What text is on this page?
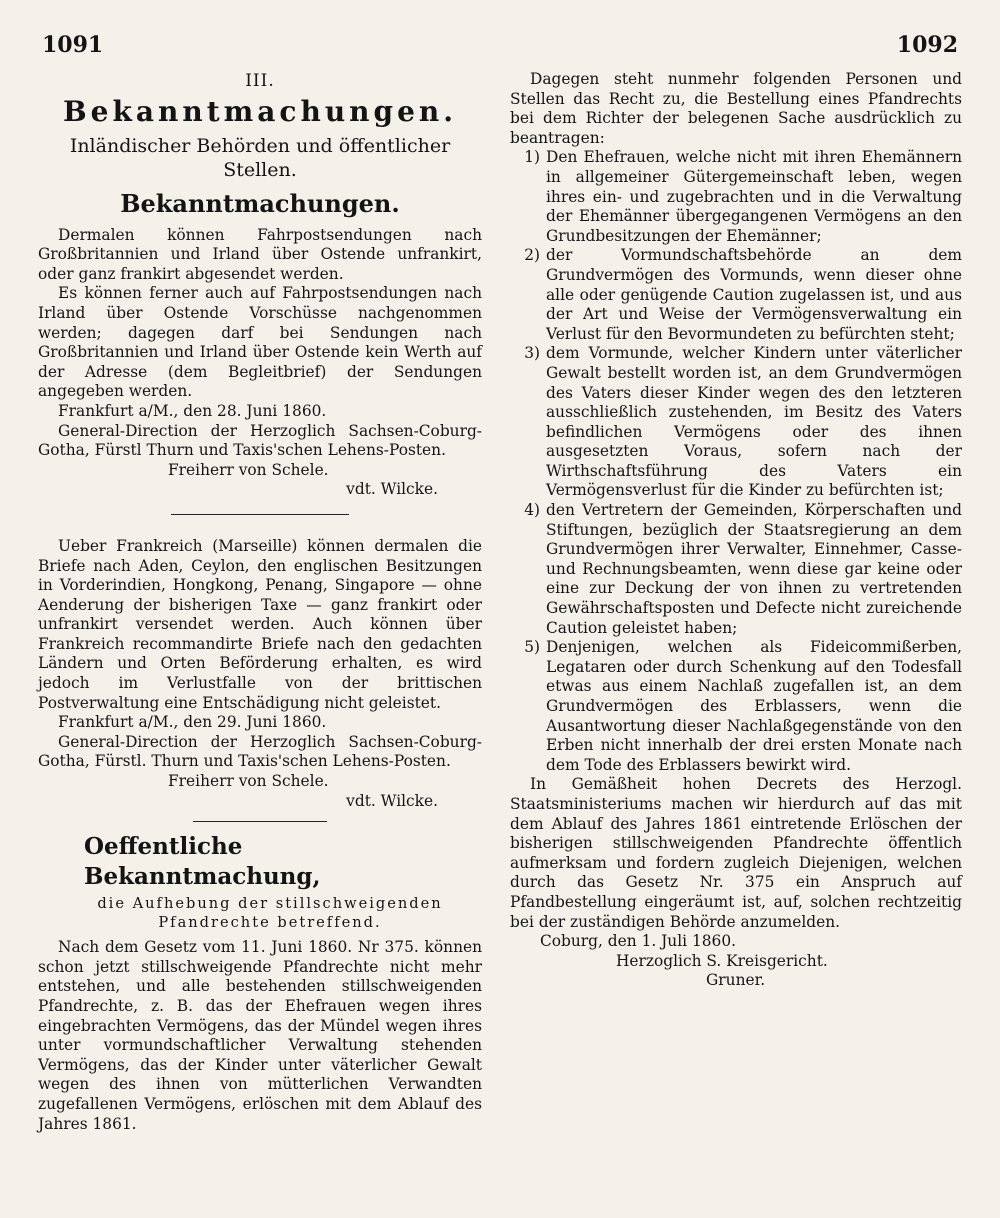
1091	1092
III.
Bekanntmachungen.
Inländischer Behörden und öffentlicher Stellen.
Bekanntmachungen.

Dermalen können Fahrpostsendungen nach Großbritannien und Irland über Ostende unfrankirt, oder ganz frankirt abgesendet werden.

Es können ferner auch auf Fahrpostsendungen nach Irland über Ostende Vorschüsse nachgenommen werden; dagegen darf bei Sendungen nach Großbritannien und Irland über Ostende kein Werth auf der Adresse (dem Begleitbrief) der Sendungen angegeben werden.

Frankfurt a/M., den 28. Juni 1860.

General-Direction der Herzoglich Sachsen-Coburg-Gotha, Fürstl Thurn und Taxis'schen Lehens-Posten.

Freiherr von Schele.

vdt. Wilcke.

Ueber Frankreich (Marseille) können dermalen die Briefe nach Aden, Ceylon, den englischen Besitzungen in Vorderindien, Hongkong, Penang, Singapore — ohne Aenderung der bisherigen Taxe — ganz frankirt oder unfrankirt versendet werden. Auch können über Frankreich recommandirte Briefe nach den gedachten Ländern und Orten Beförderung erhalten, es wird jedoch im Verlustfalle von der brittischen Postverwaltung eine Entschädigung nicht geleistet.

Frankfurt a/M., den 29. Juni 1860.

General-Direction der Herzoglich Sachsen-Coburg-Gotha, Fürstl. Thurn und Taxis'schen Lehens-Posten.

Freiherr von Schele.

vdt. Wilcke.

Oeffentliche Bekanntmachung,
die Aufhebung der stillschweigenden Pfandrechte betreffend.

Nach dem Gesetz vom 11. Juni 1860. Nr 375. können schon jetzt stillschweigende Pfandrechte nicht mehr entstehen, und alle bestehenden stillschweigenden Pfandrechte, z. B. das der Ehefrauen wegen ihres eingebrachten Vermögens, das der Mündel wegen ihres unter vormundschaftlicher Verwaltung stehenden Vermögens, das der Kinder unter väterlicher Gewalt wegen des ihnen von mütterlichen Verwandten zugefallenen Vermögens, erlöschen mit dem Ablauf des Jahres 1861.

Dagegen steht nunmehr folgenden Personen und Stellen das Recht zu, die Bestellung eines Pfandrechts bei dem Richter der belegenen Sache ausdrücklich zu beantragen:

1) Den Ehefrauen, welche nicht mit ihren Ehemännern in allgemeiner Gütergemeinschaft leben, wegen ihres ein- und zugebrachten und in die Verwaltung der Ehemänner übergegangenen Vermögens an den Grundbesitzungen der Ehemänner;
2) der Vormundschaftsbehörde an dem Grundvermögen des Vormunds, wenn dieser ohne alle oder genügende Caution zugelassen ist, und aus der Art und Weise der Vermögensverwaltung ein Verlust für den Bevormundeten zu befürchten steht;
3) dem Vormunde, welcher Kindern unter väterlicher Gewalt bestellt worden ist, an dem Grundvermögen des Vaters dieser Kinder wegen des den letzteren ausschließlich zustehenden, im Besitz des Vaters befindlichen Vermögens oder des ihnen ausgesetzten Voraus, sofern nach der Wirthschaftsführung des Vaters ein Vermögensverlust für die Kinder zu befürchten ist;
4) den Vertretern der Gemeinden, Körperschaften und Stiftungen, bezüglich der Staatsregierung an dem Grundvermögen ihrer Verwalter, Einnehmer, Casse- und Rechnungsbeamten, wenn diese gar keine oder eine zur Deckung der von ihnen zu vertretenden Gewährschaftsposten und Defecte nicht zureichende Caution geleistet haben;
5) Denjenigen, welchen als Fideicommißerben, Legataren oder durch Schenkung auf den Todesfall etwas aus einem Nachlaß zugefallen ist, an dem Grundvermögen des Erblassers, wenn die Ausantwortung dieser Nachlaßgegenstände von den Erben nicht innerhalb der drei ersten Monate nach dem Tode des Erblassers bewirkt wird.

In Gemäßheit hohen Decrets des Herzogl. Staatsministeriums machen wir hierdurch auf das mit dem Ablauf des Jahres 1861 eintretende Erlöschen der bisherigen stillschweigenden Pfandrechte öffentlich aufmerksam und fordern zugleich Diejenigen, welchen durch das Gesetz Nr. 375 ein Anspruch auf Pfandbestellung eingeräumt ist, auf, solchen rechtzeitig bei der zuständigen Behörde anzumelden.

Coburg, den 1. Juli 1860.

Herzoglich S. Kreisgericht.

Gruner.
